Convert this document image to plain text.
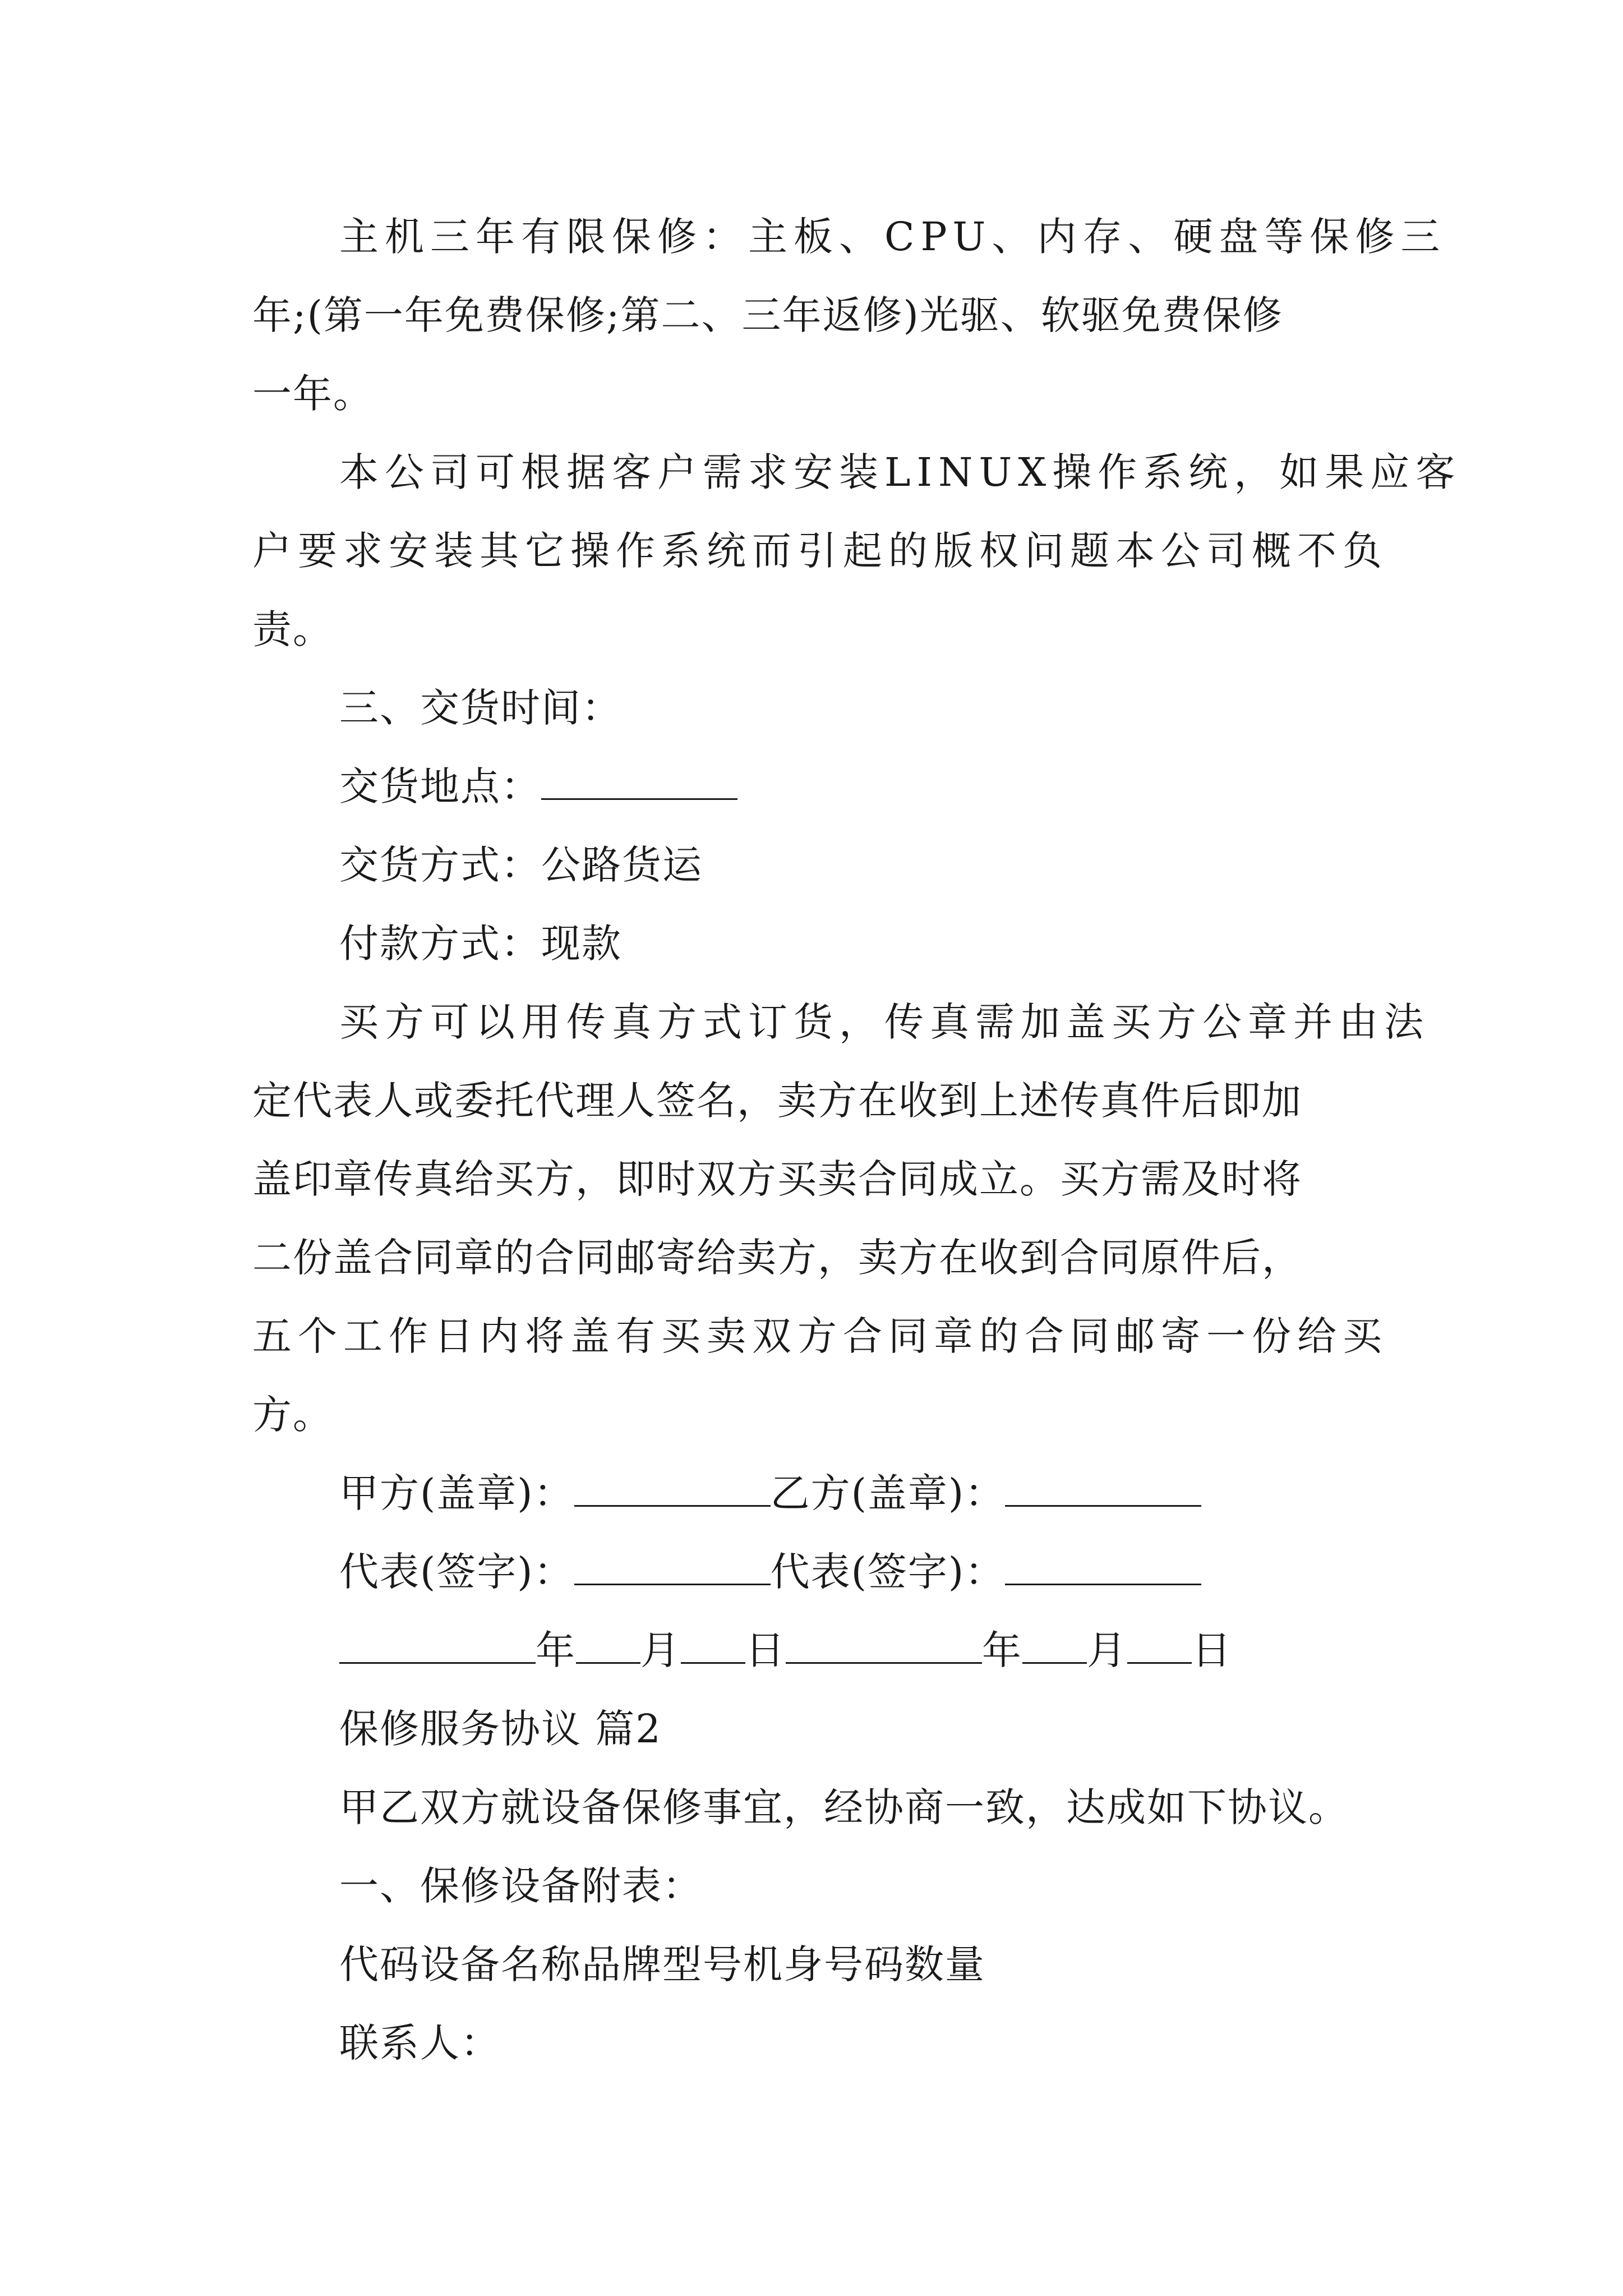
主机三年有限保修：主板、CPU、内存、硬盘等保修三
年;(第一年免费保修;第二、三年返修)光驱、软驱免费保修
一年。
本公司可根据客户需求安装LINUX操作系统，如果应客
户要求安装其它操作系统而引起的版权问题本公司概不负
责。
三、交货时间：
交货地点：
交货方式：公路货运
付款方式：现款
买方可以用传真方式订货，传真需加盖买方公章并由法
定代表人或委托代理人签名，卖方在收到上述传真件后即加
盖印章传真给买方，即时双方买卖合同成立。买方需及时将
二份盖合同章的合同邮寄给卖方，卖方在收到合同原件后，
五个工作日内将盖有买卖双方合同章的合同邮寄一份给买
方。
甲方(盖章)：	乙方(盖章)：
代表(签字)：	代表(签字)：
年 月 日	年 月 日
保修服务协议 篇2
甲乙双方就设备保修事宜，经协商一致，达成如下协议。
一、保修设备附表：
代码设备名称品牌型号机身号码数量
联系人：
